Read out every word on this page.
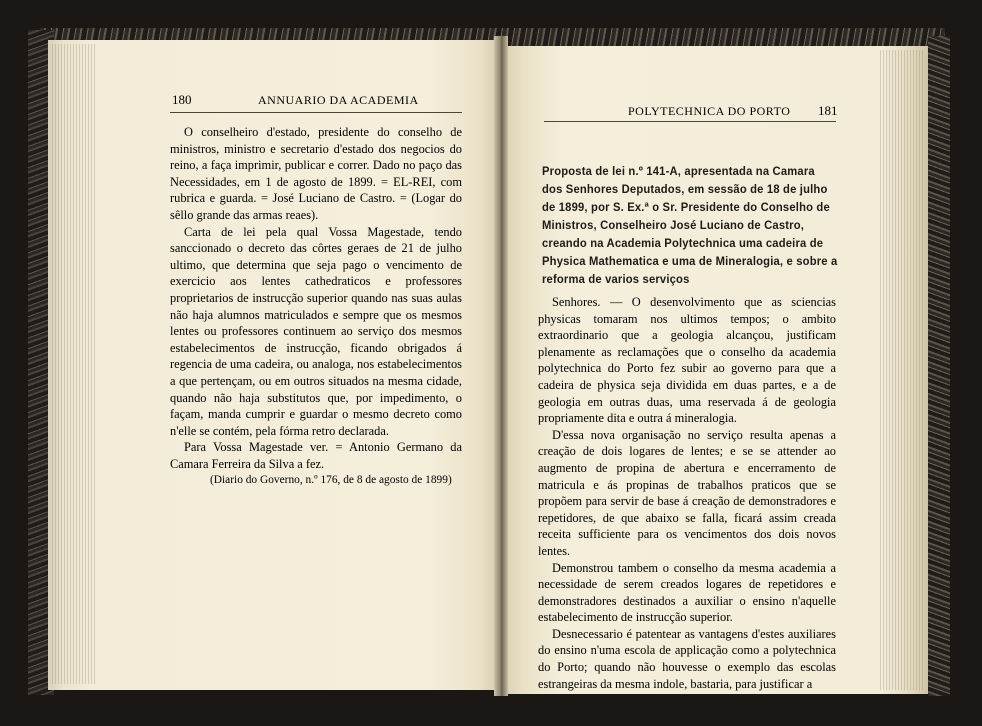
180	ANNUARIO DA ACADEMIA

O conselheiro d'estado, presidente do conselho de ministros, ministro e secretario d'estado dos negocios do reino, a faça imprimir, publicar e correr. Dado no paço das Necessidades, em 1 de agosto de 1899. = EL-REI, com rubrica e guarda. = José Luciano de Castro. = (Logar do sêllo grande das armas reaes).

Carta de lei pela qual Vossa Magestade, tendo sanccionado o decreto das côrtes geraes de 21 de julho ultimo, que determina que seja pago o vencimento de exercicio aos lentes cathedraticos e professores proprietarios de instrucção superior quando nas suas aulas não haja alumnos matriculados e sempre que os mesmos lentes ou professores continuem ao serviço dos mesmos estabelecimentos de instrucção, ficando obrigados á regencia de uma cadeira, ou analoga, nos estabelecimentos a que pertençam, ou em outros situados na mesma cidade, quando não haja substitutos que, por impedimento, o façam, manda cumprir e guardar o mesmo decreto como n'elle se contém, pela fórma retro declarada.

Para Vossa Magestade ver. = Antonio Germano da Camara Ferreira da Silva a fez.

(Diario do Governo, n.º 176, de 8 de agosto de 1899)

POLYTECHNICA DO PORTO 181
Proposta de lei n.º 141-A, apresentada na Camara dos Senhores Deputados, em sessão de 18 de julho de 1899, por S. Ex.ª o Sr. Presidente do Conselho de Ministros, Conselheiro José Luciano de Castro, creando na Academia Polytechnica uma cadeira de Physica Mathematica e uma de Mineralogia, e sobre a reforma de varios serviços

Senhores. — O desenvolvimento que as sciencias physicas tomaram nos ultimos tempos; o ambito extraordinario que a geologia alcançou, justificam plenamente as reclamações que o conselho da academia polytechnica do Porto fez subir ao governo para que a cadeira de physica seja dividida em duas partes, e a de geologia em outras duas, uma reservada á de geologia propriamente dita e outra á mineralogia.

D'essa nova organisação no serviço resulta apenas a creação de dois logares de lentes; e se se attender ao augmento de propina de abertura e encerramento de matricula e ás propinas de trabalhos praticos que se propõem para servir de base á creação de demonstradores e repetidores, de que abaixo se falla, ficará assim creada receita sufficiente para os vencimentos dos dois novos lentes.

Demonstrou tambem o conselho da mesma academia a necessidade de serem creados logares de repetidores e demonstradores destinados a auxiliar o ensino n'aquelle estabelecimento de instrucção superior.

Desnecessario é patentear as vantagens d'estes auxiliares do ensino n'uma escola de applicação como a polytechnica do Porto; quando não houvesse o exemplo das escolas estrangeiras da mesma indole, bastaria, para justificar a
